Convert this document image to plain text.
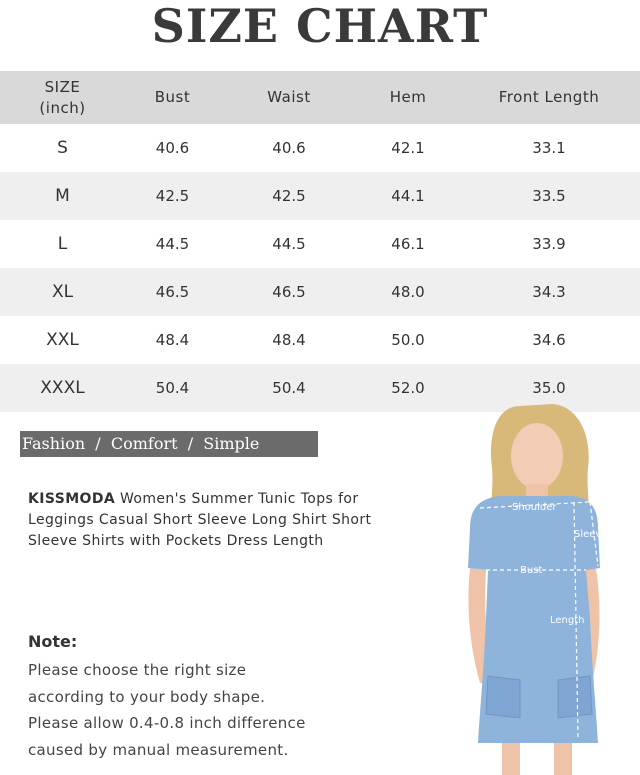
SIZE CHART
SIZE
(inch)	Bust	Waist	Hem	Front Length
S	40.6	40.6	42.1	33.1
M	42.5	42.5	44.1	33.5
L	44.5	44.5	46.1	33.9
XL	46.5	46.5	48.0	34.3
XXL	48.4	48.4	50.0	34.6
XXXL	50.4	50.4	52.0	35.0
Fashion  /  Comfort  /  Simple
KISSMODA Women's Summer Tunic Tops for Leggings Casual Short Sleeve Long Shirt Short Sleeve Shirts with Pockets Dress Length
Note:
Please choose the right size
according to your body shape.
Please allow 0.4-0.8 inch difference
caused by manual measurement.
Shoulder
Sleeve
Bust
Length
